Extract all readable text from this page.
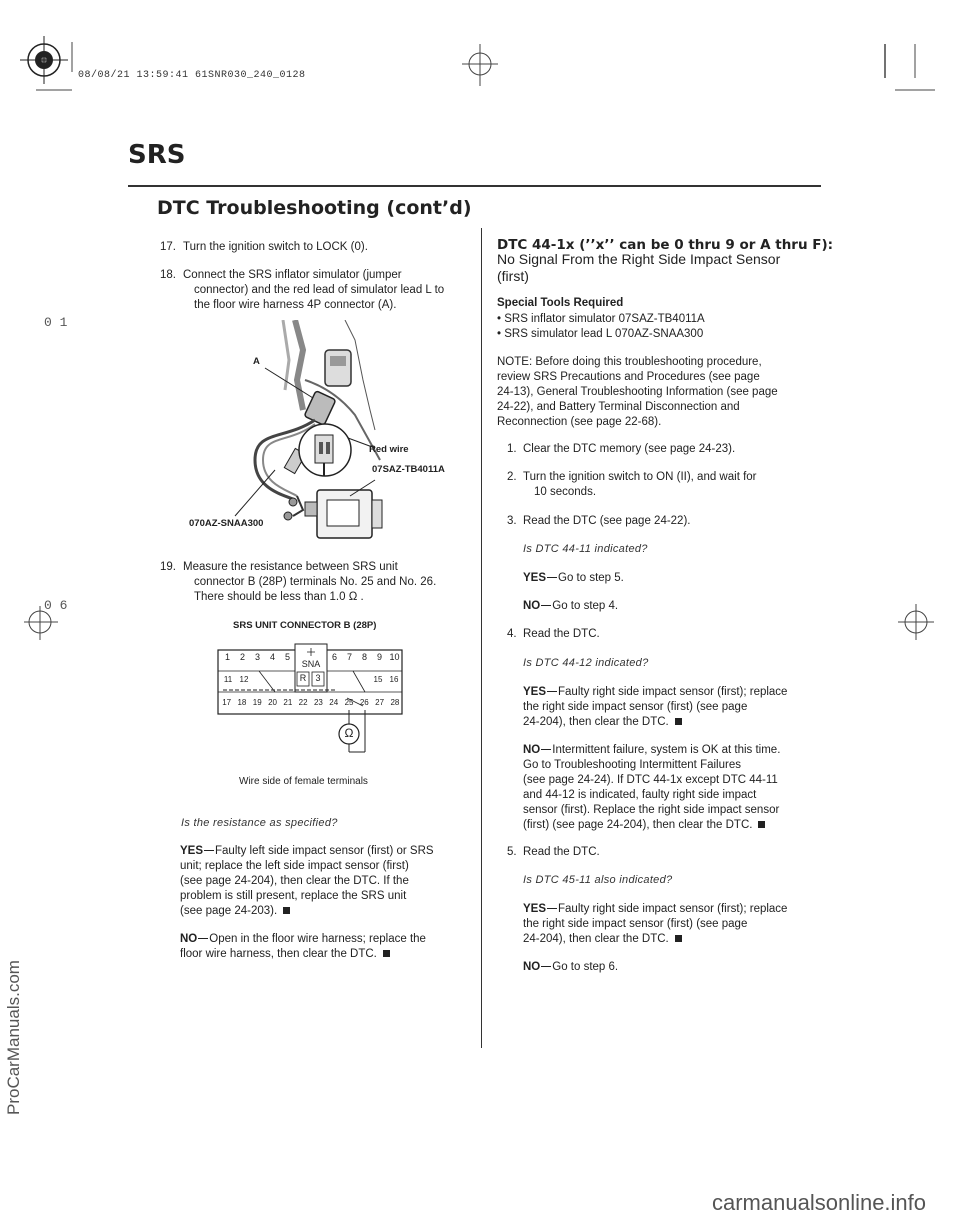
08/08/21 13:59:41 61SNR030_240_0128
0 1
0 6
ProCarManuals.com
SRS
DTC Troubleshooting (cont’d)
17. Turn the ignition switch to LOCK (0).
18. Connect the SRS inflator simulator (jumper
connector) and the red lead of simulator lead L to
the floor wire harness 4P connector (A).
A
Red wire
07SAZ-TB4011A
070AZ-SNAA300
19. Measure the resistance between SRS unit
connector B (28P) terminals No. 25 and No. 26.
There should be less than 1.0 Ω .
SRS UNIT CONNECTOR B (28P)
1	2	3	4	5	6	7	8	9 10
SNA
R	3
11 12	15 16
17 18 19 20 21 22 23 24 25 26 27 28
Ω
Wire side of female terminals
Is the resistance as specified?
YES Faulty left side impact sensor (first) or SRS
unit; replace the left side impact sensor (first)
(see page 24-204), then clear the DTC. If the
problem is still present, replace the SRS unit
(see page 24-203).
NO Open in the floor wire harness; replace the
floor wire harness, then clear the DTC.
DTC 44-1x (’’x’’ can be 0 thru 9 or A thru F):
No Signal From the Right Side Impact Sensor
(first)
Special Tools Required
• SRS inflator simulator 07SAZ-TB4011A
• SRS simulator lead L 070AZ-SNAA300
NOTE: Before doing this troubleshooting procedure,
review SRS Precautions and Procedures (see page
24-13), General Troubleshooting Information (see page
24-22), and Battery Terminal Disconnection and
Reconnection (see page 22-68).
1. Clear the DTC memory (see page 24-23).
2. Turn the ignition switch to ON (II), and wait for
10 seconds.
3. Read the DTC (see page 24-22).
Is DTC 44-11 indicated?
YES Go to step 5.
NO Go to step 4.
4. Read the DTC.
Is DTC 44-12 indicated?
YES Faulty right side impact sensor (first); replace
the right side impact sensor (first) (see page
24-204), then clear the DTC.
NO Intermittent failure, system is OK at this time.
Go to Troubleshooting Intermittent Failures
(see page 24-24). If DTC 44-1x except DTC 44-11
and 44-12 is indicated, faulty right side impact
sensor (first). Replace the right side impact sensor
(first) (see page 24-204), then clear the DTC.
5. Read the DTC.
Is DTC 45-11 also indicated?
YES Faulty right side impact sensor (first); replace
the right side impact sensor (first) (see page
24-204), then clear the DTC.
NO Go to step 6.
carmanualsonline.info
